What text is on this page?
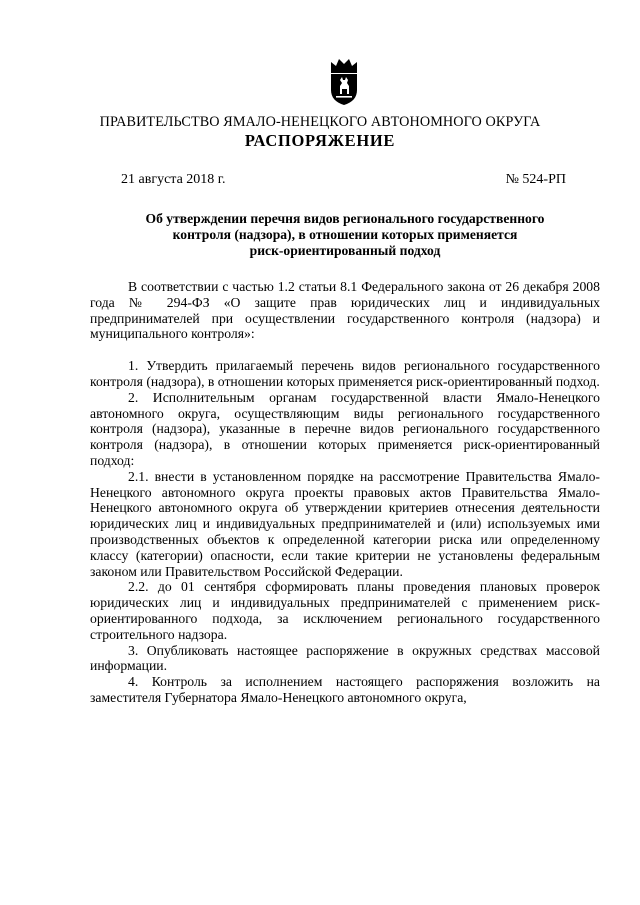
ПРАВИТЕЛЬСТВО ЯМАЛО-НЕНЕЦКОГО АВТОНОМНОГО ОКРУГА
РАСПОРЯЖЕНИЕ
21 августа 2018 г.	№ 524-РП
Об утверждении перечня видов регионального государственного
контроля (надзора), в отношении которых применяется
риск-ориентированный подход

В соответствии с частью 1.2 статьи 8.1 Федерального закона от 26 декабря 2008 года № 294-ФЗ «О защите прав юридических лиц и индивидуальных предпринимателей при осуществлении государственного контроля (надзора) и муниципального контроля»:

1. Утвердить прилагаемый перечень видов регионального государственного контроля (надзора), в отношении которых применяется риск-ориентированный подход.

2. Исполнительным органам государственной власти Ямало-Ненецкого автономного округа, осуществляющим виды регионального государственного контроля (надзора), указанные в перечне видов регионального государственного контроля (надзора), в отношении которых применяется риск-ориентированный подход:

2.1. внести в установленном порядке на рассмотрение Правительства Ямало-Ненецкого автономного округа проекты правовых актов Правительства Ямало-Ненецкого автономного округа об утверждении критериев отнесения деятельности юридических лиц и индивидуальных предпринимателей и (или) используемых ими производственных объектов к определенной категории риска или определенному классу (категории) опасности, если такие критерии не установлены федеральным законом или Правительством Российской Федерации.

2.2. до 01 сентября сформировать планы проведения плановых проверок юридических лиц и индивидуальных предпринимателей с применением риск-ориентированного подхода, за исключением регионального государственного строительного надзора.

3. Опубликовать настоящее распоряжение в окружных средствах массовой информации.

4. Контроль за исполнением настоящего распоряжения возложить на заместителя Губернатора Ямало-Ненецкого автономного округа,
